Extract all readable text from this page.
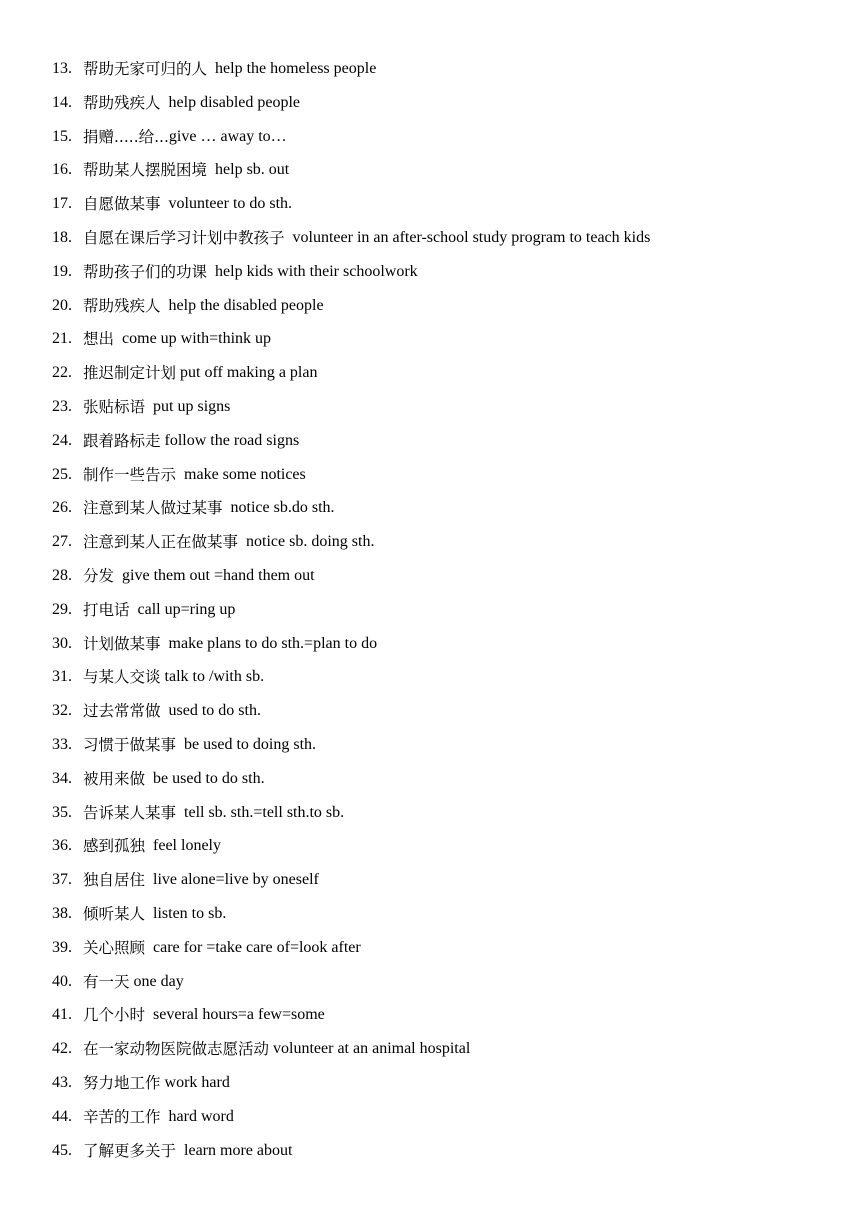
13. 帮助无家可归的人 help the homeless people
14. 帮助残疾人 help disabled people
15. 捐赠.....给... give … away to…
16. 帮助某人摆脱困境 help sb. out
17. 自愿做某事 volunteer to do sth.
18. 自愿在课后学习计划中教孩子 volunteer in an after-school study program to teach kids
19. 帮助孩子们的功课 help kids with their schoolwork
20. 帮助残疾人 help the disabled people
21. 想出 come up with=think up
22. 推迟制定计划 put off making a plan
23. 张贴标语 put up signs
24. 跟着路标走 follow the road signs
25. 制作一些告示 make some notices
26. 注意到某人做过某事 notice sb.do sth.
27. 注意到某人正在做某事 notice sb. doing sth.
28. 分发 give them out =hand them out
29. 打电话 call up=ring up
30. 计划做某事 make plans to do sth.=plan to do
31. 与某人交谈 talk to /with sb.
32. 过去常常做 used to do sth.
33. 习惯于做某事 be used to doing sth.
34. 被用来做 be used to do sth.
35. 告诉某人某事 tell sb. sth.=tell sth.to sb.
36. 感到孤独 feel lonely
37. 独自居住 live alone=live by oneself
38. 倾听某人 listen to sb.
39. 关心照顾 care for =take care of=look after
40. 有一天 one day
41. 几个小时 several hours=a few=some
42. 在一家动物医院做志愿活动 volunteer at an animal hospital
43. 努力地工作 work hard
44. 辛苦的工作 hard word
45. 了解更多关于 learn more about
